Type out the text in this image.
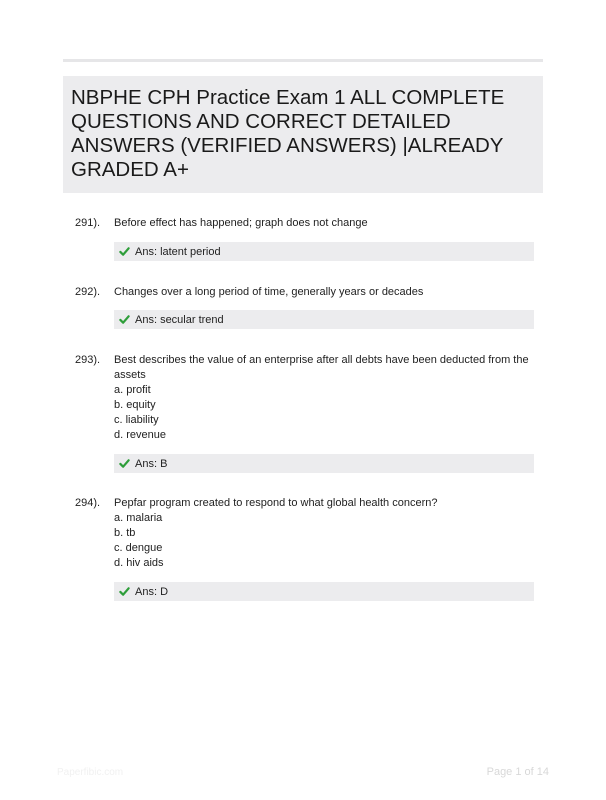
NBPHE CPH Practice Exam 1 ALL COMPLETE QUESTIONS AND CORRECT DETAILED ANSWERS (VERIFIED ANSWERS) |ALREADY GRADED A+
291). Before effect has happened; graph does not change
Ans: latent period
292). Changes over a long period of time, generally years or decades
Ans: secular trend
293). Best describes the value of an enterprise after all debts have been deducted from the
assets
a. profit
b. equity
c. liability
d. revenue
Ans: B
294). Pepfar program created to respond to what global health concern?
a. malaria
b. tb
c. dengue
d. hiv aids
Ans: D
Paperfibic.com	Page 1 of 14
